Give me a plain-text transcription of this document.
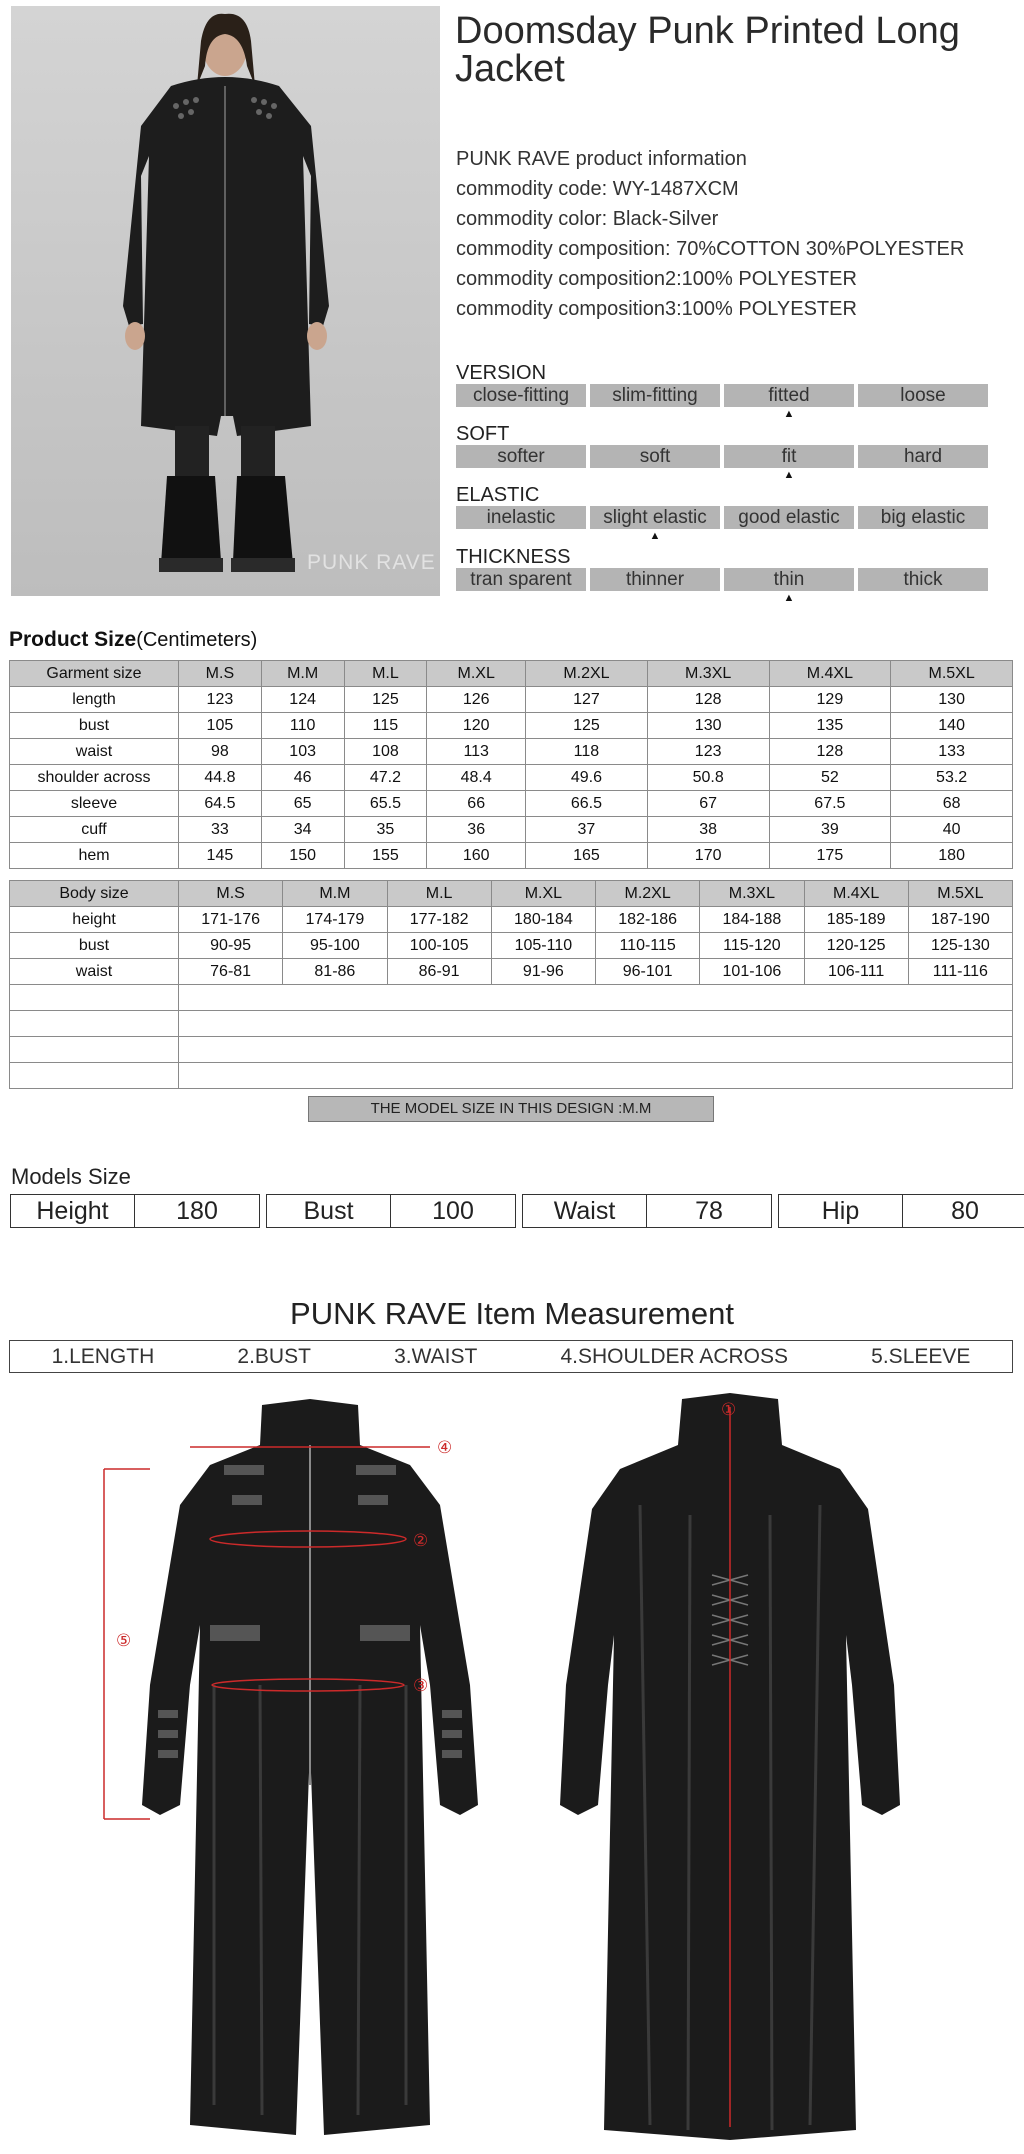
PUNK RAVE
Doomsday Punk Printed Long Jacket
PUNK RAVE product information
commodity code: WY-1487XCM
commodity color: Black-Silver
commodity composition: 70%COTTON 30%POLYESTER
commodity composition2:100% POLYESTER
commodity composition3:100% POLYESTER
VERSION
close-fitting	slim-fitting	fitted	loose
▲
SOFT
softer	soft	fit	hard
▲
ELASTIC
inelastic	slight elastic	good elastic	big elastic
▲
THICKNESS
tran sparent	thinner	thin	thick
▲
Product Size(Centimeters)
Garment size	M.S	M.M	M.L	M.XL	M.2XL	M.3XL	M.4XL	M.5XL
length	123	124	125	126	127	128	129	130
bust	105	110	115	120	125	130	135	140
waist	98	103	108	113	118	123	128	133
shoulder across	44.8	46	47.2	48.4	49.6	50.8	52	53.2
sleeve	64.5	65	65.5	66	66.5	67	67.5	68
cuff	33	34	35	36	37	38	39	40
hem	145	150	155	160	165	170	175	180
Body size	M.S	M.M	M.L	M.XL	M.2XL	M.3XL	M.4XL	M.5XL
height	171-176	174-179	177-182	180-184	182-186	184-188	185-189	187-190
bust	90-95	95-100	100-105	105-110	110-115	115-120	120-125	125-130
waist	76-81	81-86	86-91	91-96	96-101	101-106	106-111	111-116

THE MODEL SIZE IN THIS DESIGN :M.M
Models Size
Height	180	Bust	100	Waist	78	Hip	80
PUNK RAVE Item Measurement
1.LENGTH	2.BUST	3.WAIST	4.SHOULDER ACROSS	5.SLEEVE
④
②
③
⑤
①
